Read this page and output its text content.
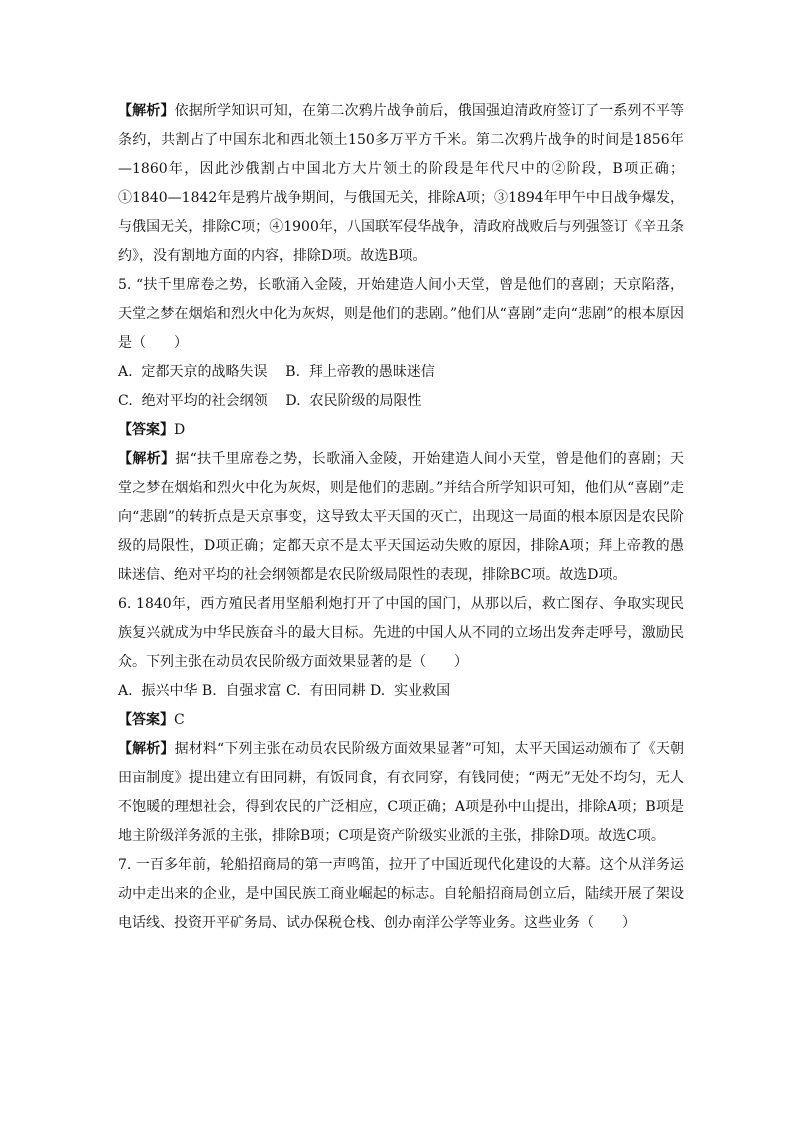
【解析】依据所学知识可知，在第二次鸦片战争前后，俄国强迫清政府签订了一系列不平等条约，共割占了中国东北和西北领土150多万平方千米。第二次鸦片战争的时间是1856年—1860年，因此沙俄割占中国北方大片领土的阶段是年代尺中的②阶段，B项正确；①1840—1842年是鸦片战争期间，与俄国无关，排除A项；③1894年甲午中日战争爆发，与俄国无关，排除C项；④1900年，八国联军侵华战争，清政府战败后与列强签订《辛丑条约》，没有割地方面的内容，排除D项。故选B项。

5. “扶千里席卷之势，长歌涌入金陵，开始建造人间小天堂，曾是他们的喜剧；天京陷落，天堂之梦在烟焰和烈火中化为灰烬，则是他们的悲剧。”他们从“喜剧”走向“悲剧”的根本原因是（　　）

A.  定都天京的战略失误 B.  拜上帝教的愚昧迷信

C.  绝对平均的社会纲领 D.  农民阶级的局限性

【答案】D

【解析】据“扶千里席卷之势，长歌涌入金陵，开始建造人间小天堂，曾是他们的喜剧；天堂之梦在烟焰和烈火中化为灰烬，则是他们的悲剧。”并结合所学知识可知，他们从“喜剧”走向“悲剧”的转折点是天京事变，这导致太平天国的灭亡，出现这一局面的根本原因是农民阶级的局限性，D项正确；定都天京不是太平天国运动失败的原因，排除A项；拜上帝教的愚昧迷信、绝对平均的社会纲领都是农民阶级局限性的表现，排除BC项。故选D项。

6. 1840年，西方殖民者用坚船利炮打开了中国的国门，从那以后，救亡图存、争取实现民族复兴就成为中华民族奋斗的最大目标。先进的中国人从不同的立场出发奔走呼号，激励民众。下列主张在动员农民阶级方面效果显著的是（　　）

A.  振兴中华 B.  自强求富 C.  有田同耕 D.  实业救国

【答案】C

【解析】据材料“下列主张在动员农民阶级方面效果显著”可知，太平天国运动颁布了《天朝田亩制度》提出建立有田同耕，有饭同食，有衣同穿，有钱同使；“两无”无处不均匀，无人不饱暖的理想社会，得到农民的广泛相应，C项正确；A项是孙中山提出，排除A项；B项是地主阶级洋务派的主张，排除B项；C项是资产阶级实业派的主张，排除D项。故选C项。

7. 一百多年前，轮船招商局的第一声鸣笛，拉开了中国近现代化建设的大幕。这个从洋务运动中走出来的企业，是中国民族工商业崛起的标志。自轮船招商局创立后，陆续开展了架设电话线、投资开平矿务局、试办保税仓栈、创办南洋公学等业务。这些业务（　　）
